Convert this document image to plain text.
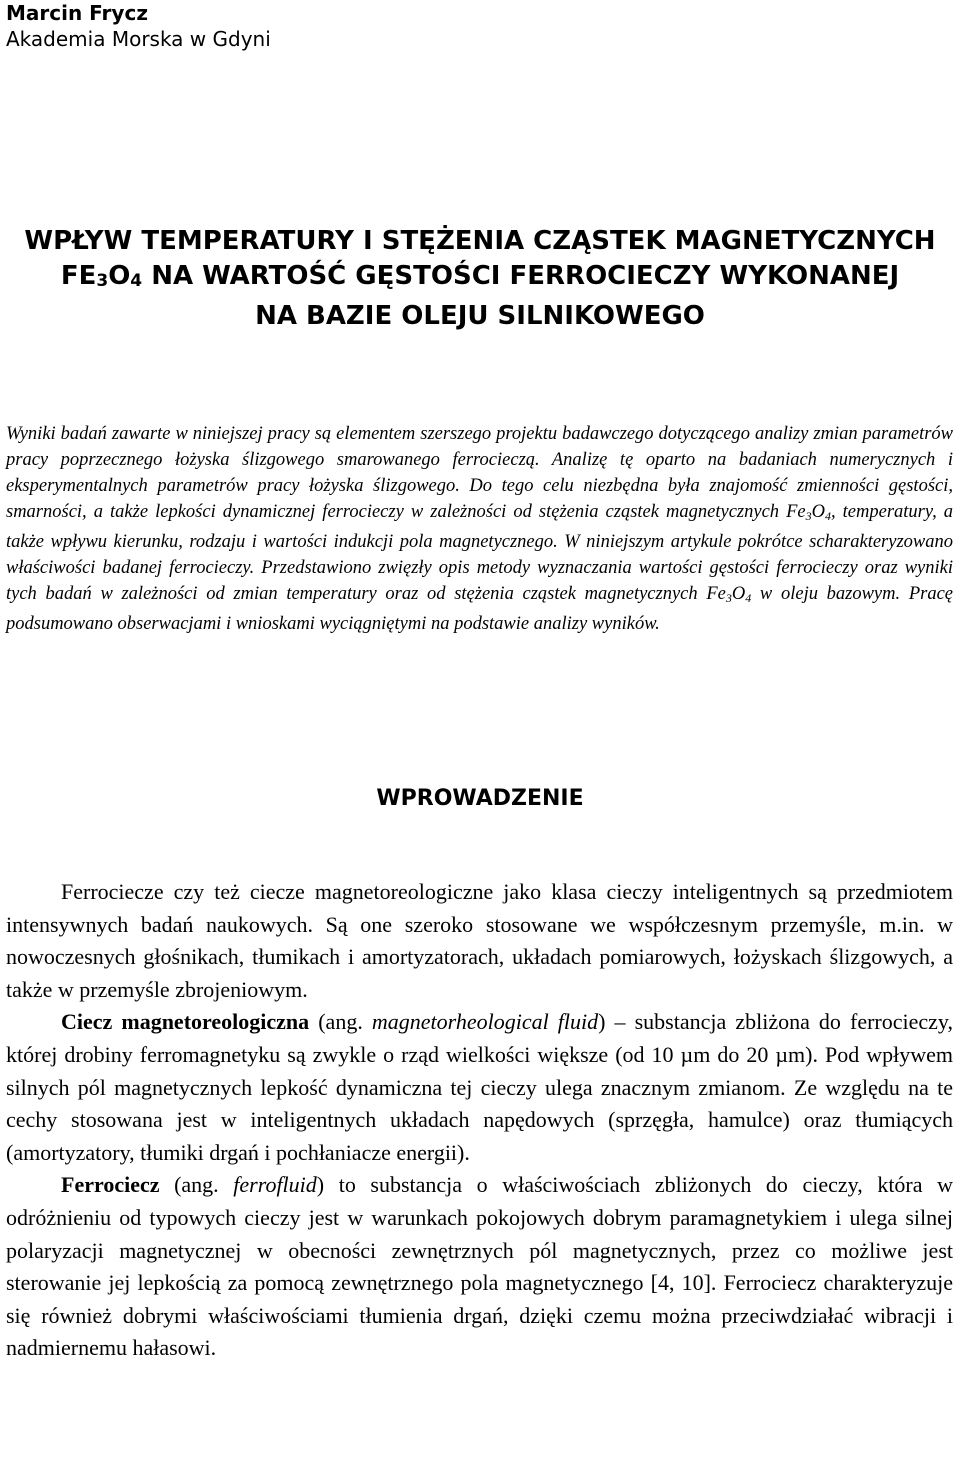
Marcin Frycz
Akademia Morska w Gdyni
WPŁYW TEMPERATURY I STĘŻENIA CZĄSTEK MAGNETYCZNYCH
$FE_3O_4$ NA WARTOŚĆ GĘSTOŚCI FERROCIECZY WYKONANEJ
NA BAZIE OLEJU SILNIKOWEGO
Wyniki badań zawarte w niniejszej pracy są elementem szerszego projektu badawczego dotyczącego analizy zmian parametrów pracy poprzecznego łożyska ślizgowego smarowanego ferrocieczą. Analizę tę oparto na badaniach numerycznych i eksperymentalnych parametrów pracy łożyska ślizgowego. Do tego celu niezbędna była znajomość zmienności gęstości, smarności, a także lepkości dynamicznej ferrocieczy w zależności od stężenia cząstek magnetycznych $Fe_3O_4$, temperatury, a także wpływu kierunku, rodzaju i wartości indukcji pola magnetycznego. W niniejszym artykule pokrótce scharakteryzowano właściwości badanej ferrocieczy. Przedstawiono zwięzły opis metody wyznaczania wartości gęstości ferrocieczy oraz wyniki tych badań w zależności od zmian temperatury oraz od stężenia cząstek magnetycznych $Fe_3O_4$ w oleju bazowym. Pracę podsumowano obserwacjami i wnioskami wyciągniętymi na podstawie analizy wyników.
WPROWADZENIE

Ferrociecze czy też ciecze magnetoreologiczne jako klasa cieczy inteligentnych są przedmiotem intensywnych badań naukowych. Są one szeroko stosowane we współczesnym przemyśle, m.in. w nowoczesnych głośnikach, tłumikach i amortyzatorach, układach pomiarowych, łożyskach ślizgowych, a także w przemyśle zbrojeniowym.

Ciecz magnetoreologiczna (ang. magnetorheological fluid) – substancja zbliżona do ferrocieczy, której drobiny ferromagnetyku są zwykle o rząd wielkości większe (od 10 µm do 20 µm). Pod wpływem silnych pól magnetycznych lepkość dynamiczna tej cieczy ulega znacznym zmianom. Ze względu na te cechy stosowana jest w inteligentnych układach napędowych (sprzęgła, hamulce) oraz tłumiących (amortyzatory, tłumiki drgań i pochłaniacze energii).

Ferrociecz (ang. ferrofluid) to substancja o właściwościach zbliżonych do cieczy, która w odróżnieniu od typowych cieczy jest w warunkach pokojowych dobrym paramagnetykiem i ulega silnej polaryzacji magnetycznej w obecności zewnętrznych pól magnetycznych, przez co możliwe jest sterowanie jej lepkością za pomocą zewnętrznego pola magnetycznego [4, 10]. Ferrociecz charakteryzuje się również dobrymi właściwościami tłumienia drgań, dzięki czemu można przeciwdziałać wibracji i nadmiernemu hałasowi.
